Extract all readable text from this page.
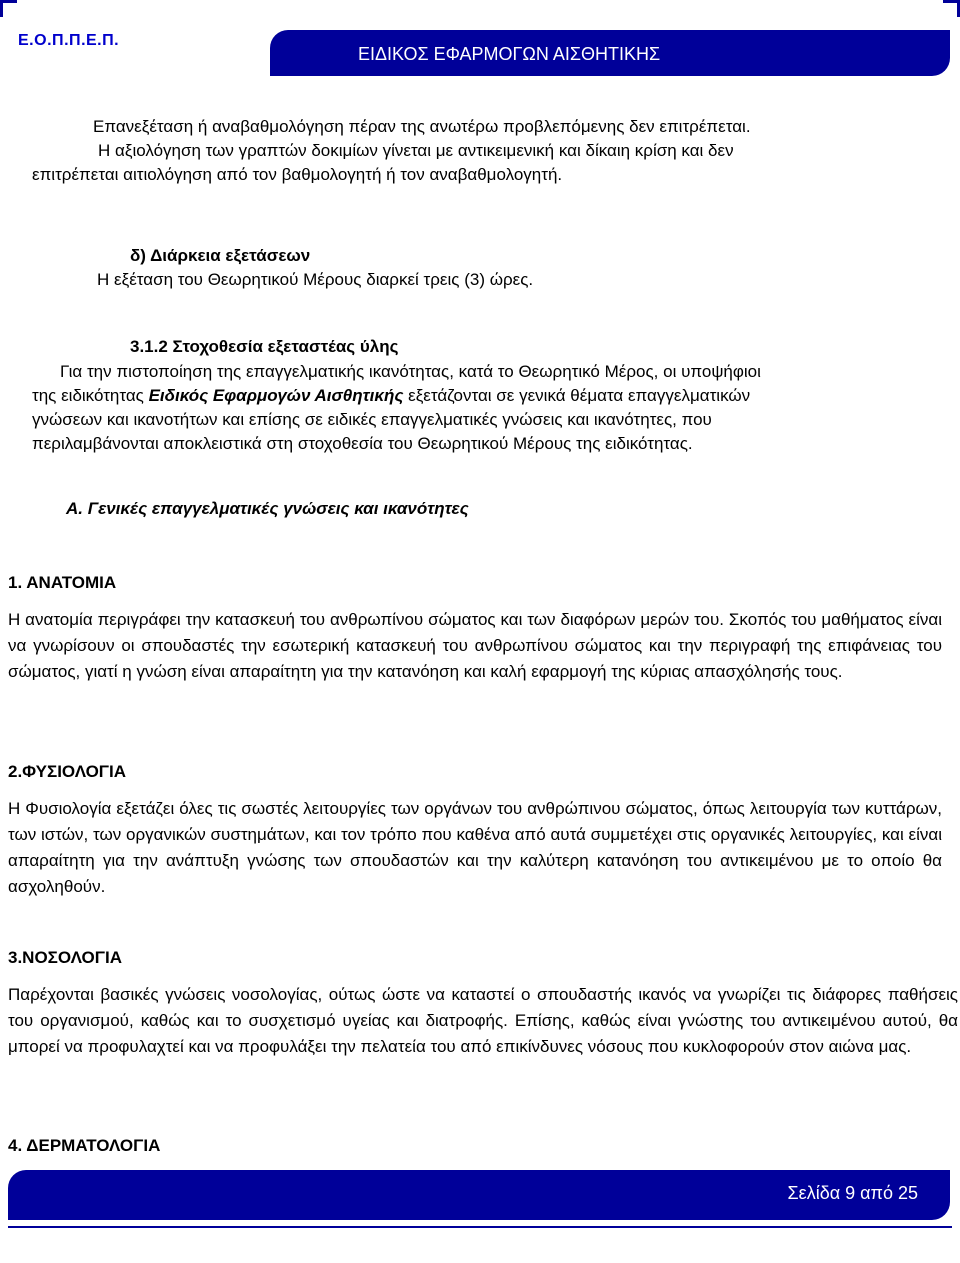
Ε.Ο.Π.Π.Ε.Π.
ΕΙΔΙΚΟΣ ΕΦΑΡΜΟΓΩΝ ΑΙΣΘΗΤΙΚΗΣ
Επανεξέταση ή αναβαθμολόγηση πέραν της ανωτέρω προβλεπόμενης δεν επιτρέπεται.
Η αξιολόγηση των γραπτών δοκιμίων γίνεται με αντικειμενική και δίκαιη κρίση και δεν
επιτρέπεται αιτιολόγηση από τον βαθμολογητή ή τον αναβαθμολογητή.
δ) Διάρκεια εξετάσεων
Η εξέταση του Θεωρητικού Μέρους διαρκεί τρεις (3) ώρες.
3.1.2 Στοχοθεσία εξεταστέας ύλης
Για την πιστοποίηση της επαγγελματικής ικανότητας, κατά το Θεωρητικό Μέρος, οι υποψήφιοι
της ειδικότητας Ειδικός Εφαρμογών Αισθητικής εξετάζονται σε γενικά θέματα επαγγελματικών
γνώσεων και ικανοτήτων και επίσης σε ειδικές επαγγελματικές γνώσεις και ικανότητες, που
περιλαμβάνονται αποκλειστικά στη στοχοθεσία του Θεωρητικού Μέρους της ειδικότητας.
Α. Γενικές επαγγελματικές γνώσεις και ικανότητες
1. ΑΝΑΤΟΜΙΑ
Η ανατομία περιγράφει την κατασκευή του ανθρωπίνου σώματος και των διαφόρων μερών του. Σκοπός του μαθήματος είναι να γνωρίσουν οι σπουδαστές την εσωτερική κατασκευή του ανθρωπίνου σώματος και την περιγραφή της επιφάνειας του σώματος, γιατί η γνώση είναι απαραίτητη για την κατανόηση και καλή εφαρμογή της κύριας απασχόλησής τους.
2.ΦΥΣΙΟΛΟΓΙΑ
Η Φυσιολογία εξετάζει όλες τις σωστές λειτουργίες των οργάνων του ανθρώπινου σώματος, όπως λειτουργία των κυττάρων, των ιστών, των οργανικών συστημάτων, και τον τρόπο που καθένα από αυτά συμμετέχει στις οργανικές λειτουργίες, και είναι απαραίτητη για την ανάπτυξη γνώσης των σπουδαστών και την καλύτερη κατανόηση του αντικειμένου με το οποίο θα ασχοληθούν.
3.ΝΟΣΟΛΟΓΙΑ
Παρέχονται βασικές γνώσεις νοσολογίας, ούτως ώστε να καταστεί ο σπουδαστής ικανός να γνωρίζει τις διάφορες παθήσεις του οργανισμού, καθώς και το συσχετισμό υγείας και διατροφής. Επίσης, καθώς είναι γνώστης του αντικειμένου αυτού, θα μπορεί να προφυλαχτεί και να προφυλάξει την πελατεία του από επικίνδυνες νόσους που κυκλοφορούν στον αιώνα μας.
4. ΔΕΡΜΑΤΟΛΟΓΙΑ
Σελίδα 9 από 25
